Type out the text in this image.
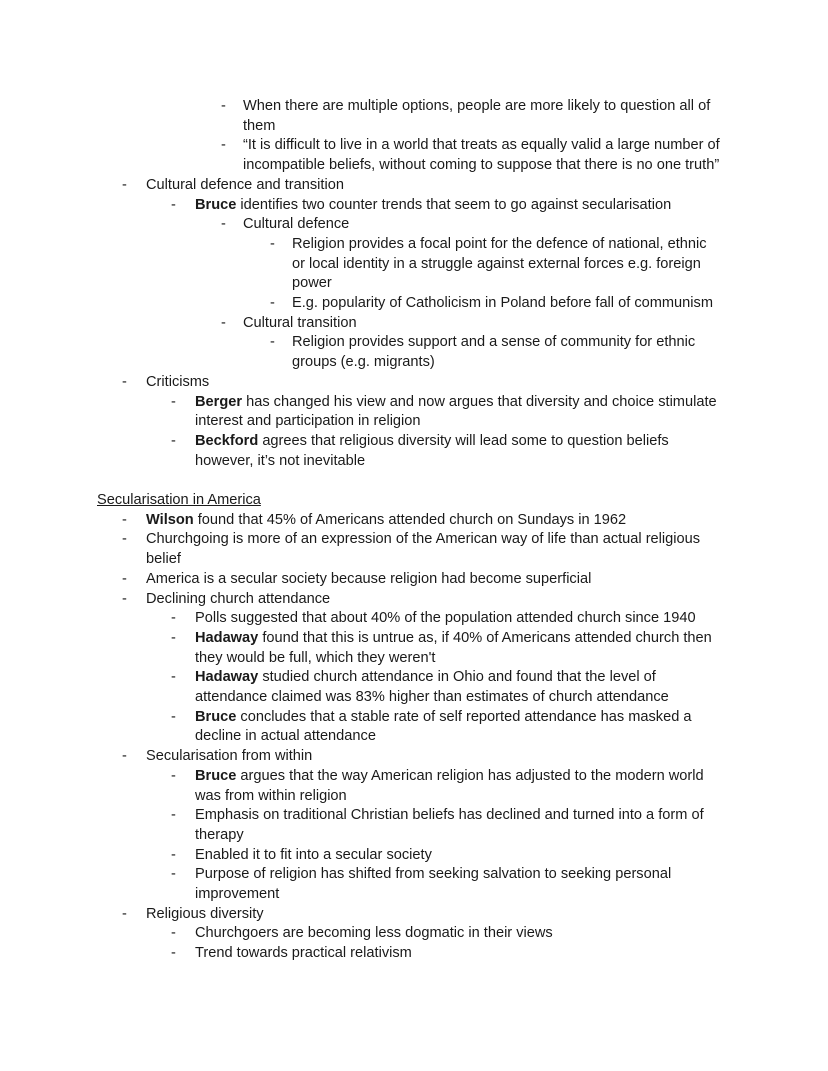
- When there are multiple options, people are more likely to question all of
them
- “It is difficult to live in a world that treats as equally valid a large number of
incompatible beliefs, without coming to suppose that there is no one truth”
- Cultural defence and transition
- Bruce identifies two counter trends that seem to go against secularisation
- Cultural defence
- Religion provides a focal point for the defence of national, ethnic
or local identity in a struggle against external forces e.g. foreign
power
- E.g. popularity of Catholicism in Poland before fall of communism
- Cultural transition
- Religion provides support and a sense of community for ethnic
groups (e.g. migrants)
- Criticisms
- Berger has changed his view and now argues that diversity and choice stimulate
interest and participation in religion
- Beckford agrees that religious diversity will lead some to question beliefs
however, it’s not inevitable
Secularisation in America
- Wilson found that 45% of Americans attended church on Sundays in 1962
- Churchgoing is more of an expression of the American way of life than actual religious
belief
- America is a secular society because religion had become superficial
- Declining church attendance
- Polls suggested that about 40% of the population attended church since 1940
- Hadaway found that this is untrue as, if 40% of Americans attended church then
they would be full, which they weren't
- Hadaway studied church attendance in Ohio and found that the level of
attendance claimed was 83% higher than estimates of church attendance
- Bruce concludes that a stable rate of self reported attendance has masked a
decline in actual attendance
- Secularisation from within
- Bruce argues that the way American religion has adjusted to the modern world
was from within religion
- Emphasis on traditional Christian beliefs has declined and turned into a form of
therapy
- Enabled it to fit into a secular society
- Purpose of religion has shifted from seeking salvation to seeking personal
improvement
- Religious diversity
- Churchgoers are becoming less dogmatic in their views
- Trend towards practical relativism
